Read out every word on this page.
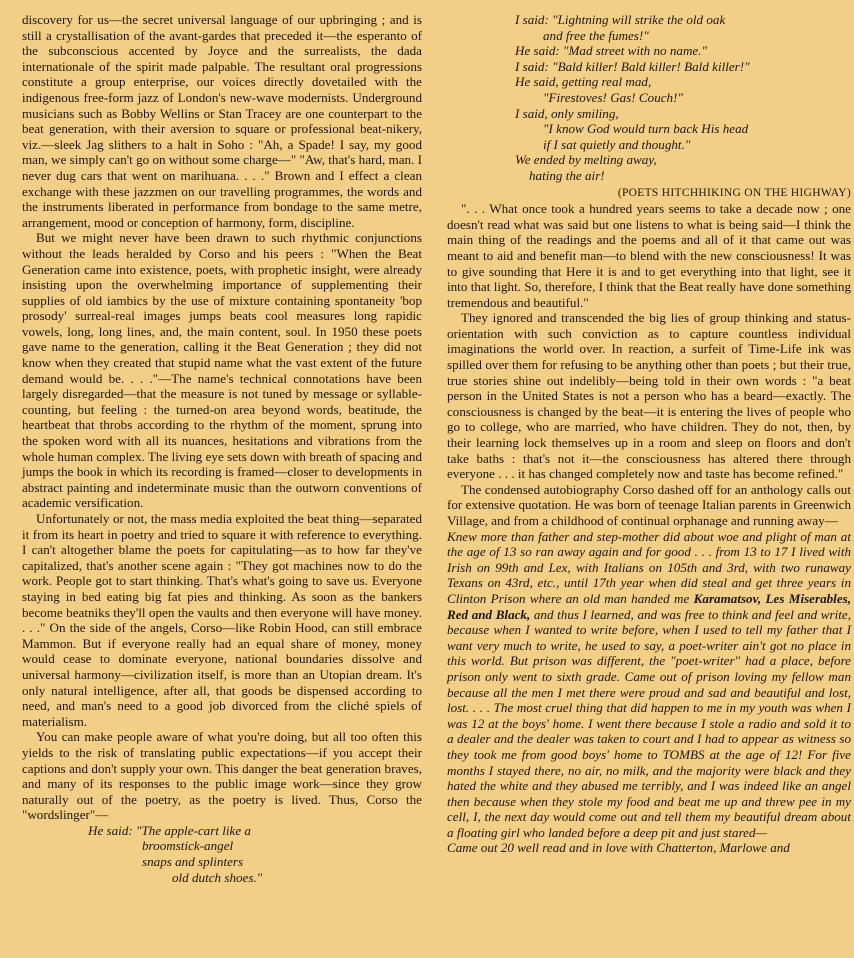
discovery for us—the secret universal language of our upbringing ; and is still a crystallisation of the avant-gardes that preceded it—the esperanto of the subconscious accented by Joyce and the surrealists, the dada internationale of the spirit made palpable. The resultant oral progressions constitute a group enterprise, our voices directly dovetailed with the indigenous free-form jazz of London's new-wave modernists. Underground musicians such as Bobby Wellins or Stan Tracey are one counterpart to the beat generation, with their aversion to square or professional beat-nikery, viz.—sleek Jag slithers to a halt in Soho : "Ah, a Spade! I say, my good man, we simply can't go on without some charge—" "Aw, that's hard, man. I never dug cars that went on marihuana. . . ." Brown and I effect a clean exchange with these jazzmen on our travelling programmes, the words and the instruments liberated in performance from bondage to the same metre, arrangement, mood or conception of harmony, form, discipline.

But we might never have been drawn to such rhythmic conjunctions without the leads heralded by Corso and his peers : "When the Beat Generation came into existence, poets, with prophetic insight, were already insisting upon the overwhelming importance of supplementing their supplies of old iambics by the use of mixture containing spontaneity 'bop prosody' surreal-real images jumps beats cool measures long rapidic vowels, long, long lines, and, the main content, soul. In 1950 these poets gave name to the generation, calling it the Beat Generation ; they did not know when they created that stupid name what the vast extent of the future demand would be. . . ."—The name's technical connotations have been largely disregarded—that the measure is not tuned by message or syllable-counting, but feeling : the turned-on area beyond words, beatitude, the heartbeat that throbs according to the rhythm of the moment, sprung into the spoken word with all its nuances, hesitations and vibrations from the whole human complex. The living eye sets down with breath of spacing and jumps the book in which its recording is framed—closer to developments in abstract painting and indeterminate music than the outworn conventions of academic versification.

Unfortunately or not, the mass media exploited the beat thing—separated it from its heart in poetry and tried to square it with reference to everything. I can't altogether blame the poets for capitulating—as to how far they've capitalized, that's another scene again : "They got machines now to do the work. People got to start thinking. That's what's going to save us. Everyone staying in bed eating big fat pies and thinking. As soon as the bankers become beatniks they'll open the vaults and then everyone will have money. . . ." On the side of the angels, Corso—like Robin Hood, can still embrace Mammon. But if everyone really had an equal share of money, money would cease to dominate everyone, national boundaries dissolve and universal harmony—civilization itself, is more than an Utopian dream. It's only natural intelligence, after all, that goods be dispensed according to need, and man's need to a good job divorced from the cliché spiels of materialism.

You can make people aware of what you're doing, but all too often this yields to the risk of translating public expectations—if you accept their captions and don't supply your own. This danger the beat generation braves, and many of its responses to the public image work—since they grow naturally out of the poetry, as the poetry is lived. Thus, Corso the "wordslinger"—

He said: "The apple-cart like a
broomstick-angel
snaps and splinters
old dutch shoes."
I said: "Lightning will strike the old oak
and free the fumes!"
He said: "Mad street with no name."
I said: "Bald killer! Bald killer! Bald killer!"
He said, getting real mad,
"Firestoves! Gas! Couch!"
I said, only smiling,
"I know God would turn back His head
if I sat quietly and thought."
We ended by melting away,
hating the air!

(POETS HITCHHIKING ON THE HIGHWAY)

". . . What once took a hundred years seems to take a decade now ; one doesn't read what was said but one listens to what is being said—I think the main thing of the readings and the poems and all of it that came out was meant to aid and benefit man—to blend with the new consciousness! It was to give sounding that Here it is and to get everything into that light, see it into that light. So, therefore, I think that the Beat really have done something tremendous and beautiful."

They ignored and transcended the big lies of group thinking and status-orientation with such conviction as to capture countless individual imaginations the world over. In reaction, a surfeit of Time-Life ink was spilled over them for refusing to be anything other than poets ; but their true, true stories shine out indelibly—being told in their own words : "a beat person in the United States is not a person who has a beard—exactly. The consciousness is changed by the beat—it is entering the lives of people who go to college, who are married, who have children. They do not, then, by their learning lock themselves up in a room and sleep on floors and don't take baths : that's not it—the consciousness has altered there through everyone . . . it has changed completely now and taste has become refined."

The condensed autobiography Corso dashed off for an anthology calls out for extensive quotation. He was born of teenage Italian parents in Greenwich Village, and from a childhood of continual orphanage and running away—

Knew more than father and step-mother did about woe and plight of man at the age of 13 so ran away again and for good . . . from 13 to 17 I lived with Irish on 99th and Lex, with Italians on 105th and 3rd, with two runaway Texans on 43rd, etc., until 17th year when did steal and get three years in Clinton Prison where an old man handed me Karamatsov, Les Miserables, Red and Black, and thus I learned, and was free to think and feel and write, because when I wanted to write before, when I used to tell my father that I want very much to write, he used to say, a poet-writer ain't got no place in this world. But prison was different, the "poet-writer" had a place, before prison only went to sixth grade. Came out of prison loving my fellow man because all the men I met there were proud and sad and beautiful and lost, lost. . . . The most cruel thing that did happen to me in my youth was when I was 12 at the boys' home. I went there because I stole a radio and sold it to a dealer and the dealer was taken to court and I had to appear as witness so they took me from good boys' home to TOMBS at the age of 12! For five months I stayed there, no air, no milk, and the majority were black and they hated the white and they abused me terribly, and I was indeed like an angel then because when they stole my food and beat me up and threw pee in my cell, I, the next day would come out and tell them my beautiful dream about a floating girl who landed before a deep pit and just stared—

Came out 20 well read and in love with Chatterton, Marlowe and
